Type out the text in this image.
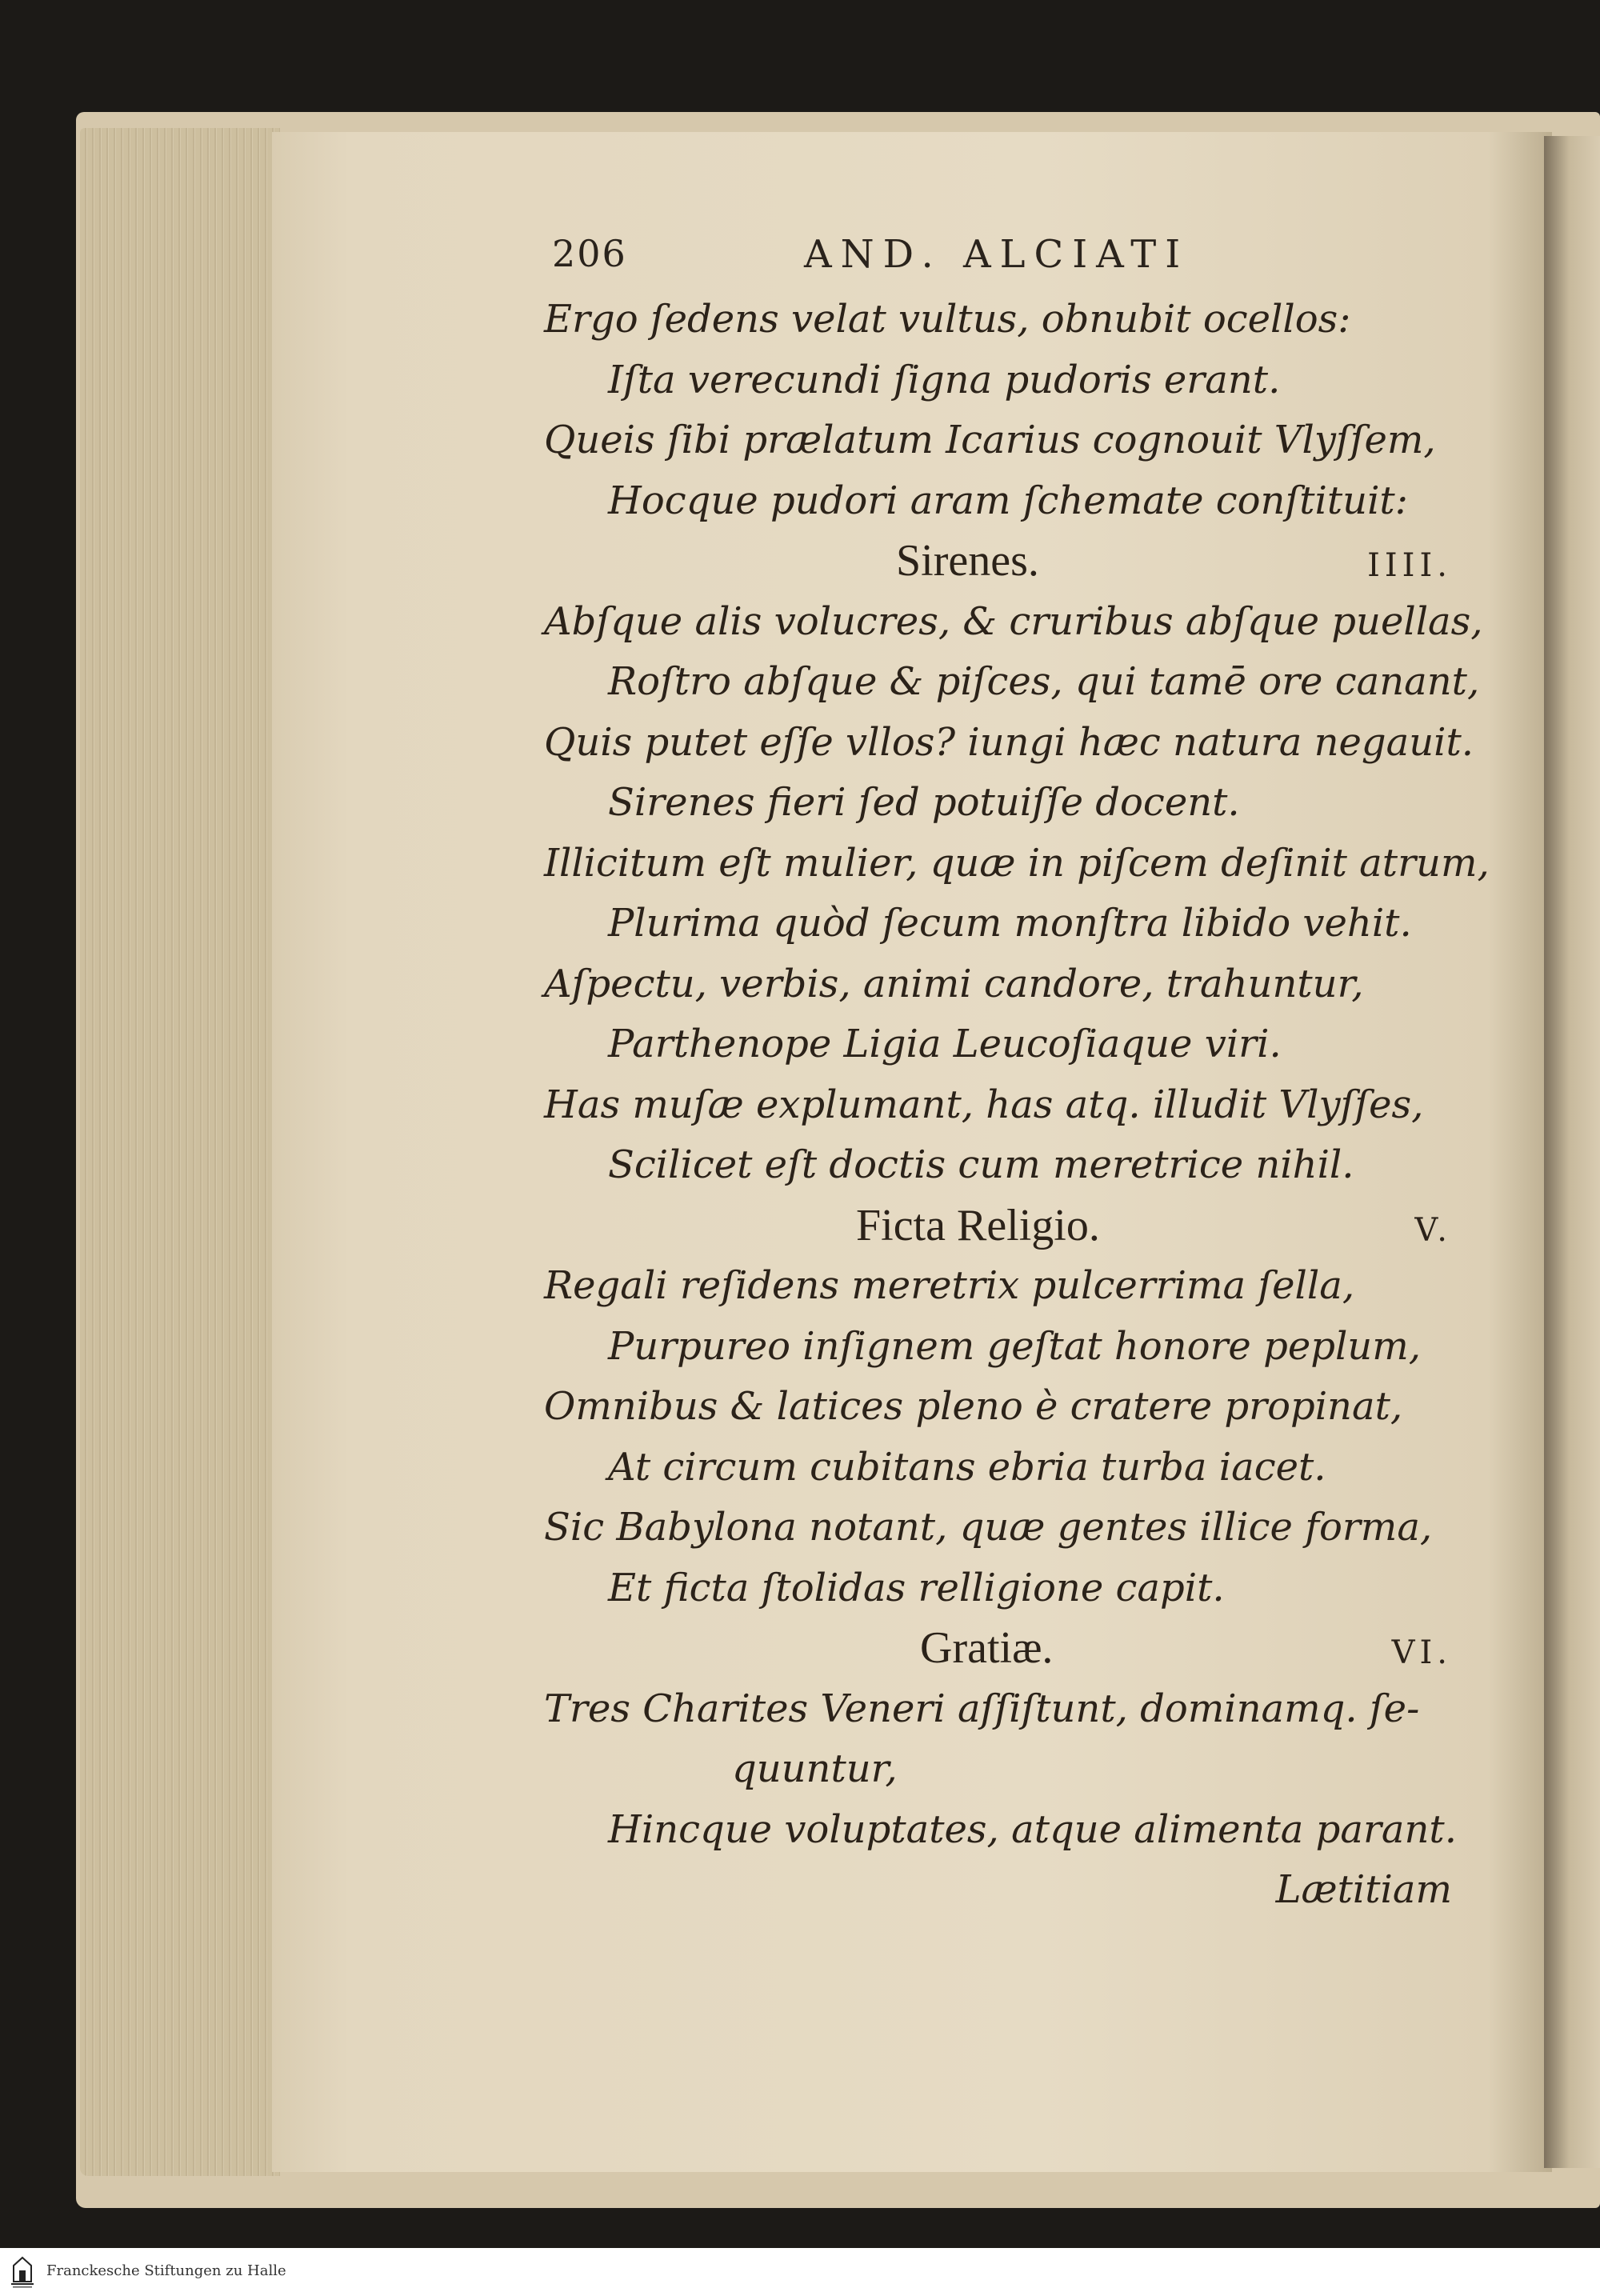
206	AND. ALCIATI
Ergo ſedens velat vultus, obnubit ocellos:
Iſta verecundi ſigna pudoris erant.
Queis ſibi prælatum Icarius cognouit Vlyſſem,
Hocque pudori aram ſchemate conſtituit:
Sirenes.	IIII.
Abſque alis volucres, & cruribus abſque puellas,
Roſtro abſque & piſces, qui tamē ore canant,
Quis putet eſſe vllos? iungi hæc natura negauit.
Sirenes fieri ſed potuiſſe docent.
Illicitum eſt mulier, quæ in piſcem deſinit atrum,
Plurima quòd ſecum monſtra libido vehit.
Aſpectu, verbis, animi candore, trahuntur,
Parthenope Ligia Leucoſiaque viri.
Has muſæ explumant, has atq. illudit Vlyſſes,
Scilicet eſt doctis cum meretrice nihil.
Ficta Religio.	V.
Regali reſidens meretrix pulcerrima ſella,
Purpureo inſignem geſtat honore peplum,
Omnibus & latices pleno è cratere propinat,
At circum cubitans ebria turba iacet.
Sic Babylona notant, quæ gentes illice forma,
Et ficta ſtolidas relligione capit.
Gratiæ.	VI.
Tres Charites Veneri aſſiſtunt, dominamq. ſe-
quuntur,
Hincque voluptates, atque alimenta parant.
Lætitiam
Franckesche Stiftungen zu Halle
